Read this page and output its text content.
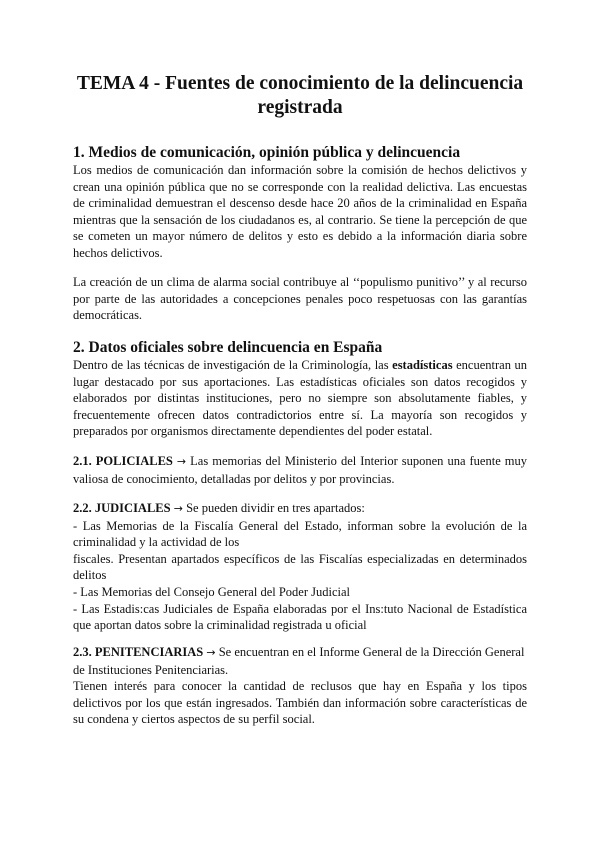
TEMA 4 - Fuentes de conocimiento de la delincuencia
registrada
1. Medios de comunicación, opinión pública y delincuencia

Los medios de comunicación dan información sobre la comisión de hechos delictivos y crean una opinión pública que no se corresponde con la realidad delictiva. Las encuestas de criminalidad demuestran el descenso desde hace 20 años de la criminalidad en España mientras que la sensación de los ciudadanos es, al contrario. Se tiene la percepción de que se cometen un mayor número de delitos y esto es debido a la información diaria sobre hechos delictivos.

La creación de un clima de alarma social contribuye al ‘‘populismo punitivo’’ y al recurso por parte de las autoridades a concepciones penales poco respetuosas con las garantías democráticas.

2. Datos oficiales sobre delincuencia en España

Dentro de las técnicas de investigación de la Criminología, las estadísticas encuentran un lugar destacado por sus aportaciones. Las estadísticas oficiales son datos recogidos y elaborados por distintas instituciones, pero no siempre son absolutamente fiables, y frecuentemente ofrecen datos contradictorios entre sí. La mayoría son recogidos y preparados por organismos directamente dependientes del poder estatal.

2.1. POLICIALES → Las memorias del Ministerio del Interior suponen una fuente muy valiosa de conocimiento, detalladas por delitos y por provincias.

2.2. JUDICIALES → Se pueden dividir en tres apartados:

- Las Memorias de la Fiscalía General del Estado, informan sobre la evolución de la criminalidad y la actividad de los

fiscales. Presentan apartados específicos de las Fiscalías especializadas en determinados delitos

- Las Memorias del Consejo General del Poder Judicial

- Las Estadis:cas Judiciales de España elaboradas por el Ins:tuto Nacional de Estadística que aportan datos sobre la criminalidad registrada u oficial

2.3. PENITENCIARIAS → Se encuentran en el Informe General de la Dirección General de Instituciones Penitenciarias.

Tienen interés para conocer la cantidad de reclusos que hay en España y los tipos delictivos por los que están ingresados. También dan información sobre características de su condena y ciertos aspectos de su perfil social.
